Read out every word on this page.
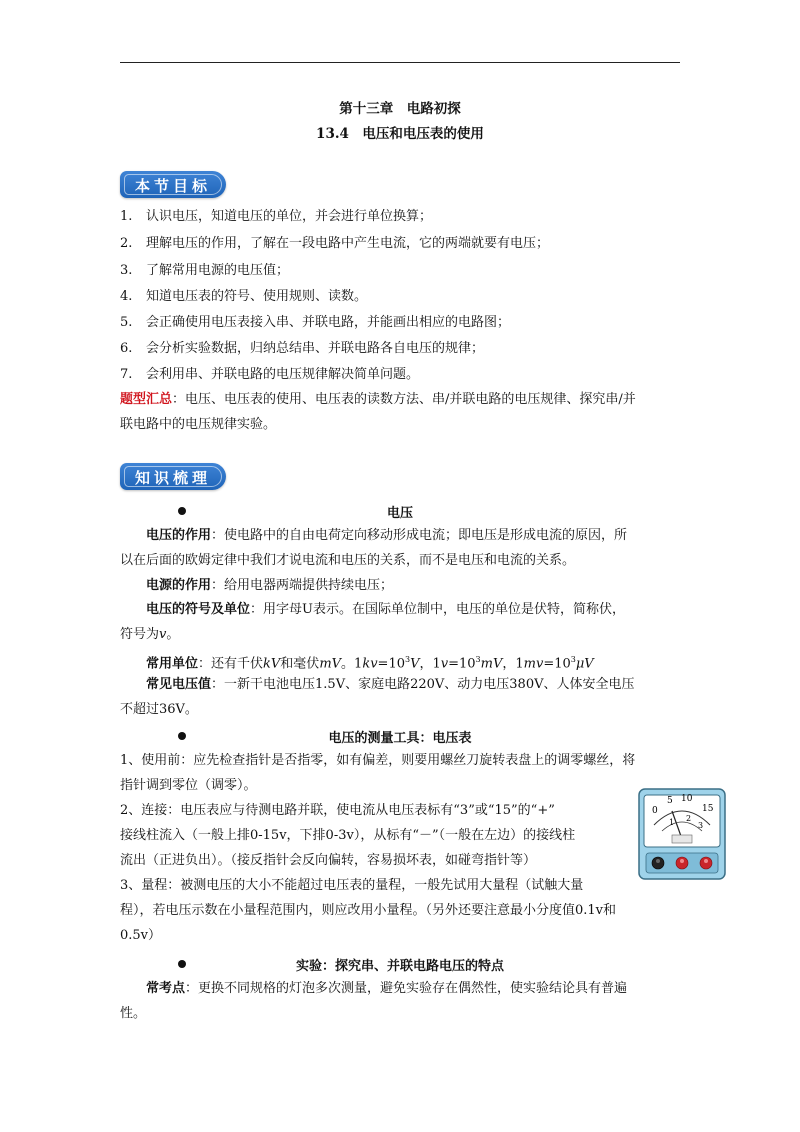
第十三章　电路初探
13.4　电压和电压表的使用
本节目标
1. 认识电压，知道电压的单位，并会进行单位换算；
2. 理解电压的作用，了解在一段电路中产生电流，它的两端就要有电压；
3. 了解常用电源的电压值；
4. 知道电压表的符号、使用规则、读数。
5. 会正确使用电压表接入串、并联电路，并能画出相应的电路图；
6. 会分析实验数据，归纳总结串、并联电路各自电压的规律；
7. 会利用串、并联电路的电压规律解决简单问题。
题型汇总：电压、电压表的使用、电压表的读数方法、串/并联电路的电压规律、探究串/并
联电路中的电压规律实验。
知识梳理
电压
电压的作用：使电路中的自由电荷定向移动形成电流；即电压是形成电流的原因，所
以在后面的欧姆定律中我们才说电流和电压的关系，而不是电压和电流的关系。
电源的作用：给用电器两端提供持续电压；
电压的符号及单位：用字母U表示。在国际单位制中，电压的单位是伏特，简称伏，
符号为v。
常用单位：还有千伏kV和毫伏mV。$1kv=10^3V$，$1v=10^3mV$，$1mv=10^3\mu V$
常见电压值：一新干电池电压1.5V、家庭电路220V、动力电压380V、人体安全电压
不超过36V。
电压的测量工具：电压表
1、使用前：应先检查指针是否指零，如有偏差，则要用螺丝刀旋转表盘上的调零螺丝，将
指针调到零位（调零）。
2、连接：电压表应与待测电路并联，使电流从电压表标有“3”或“15”的“+”
接线柱流入（一般上排0-15v，下排0-3v），从标有“－”（一般在左边）的接线柱
流出（正进负出）。（接反指针会反向偏转，容易损坏表，如碰弯指针等）
3、量程：被测电压的大小不能超过电压表的量程，一般先试用大量程（试触大量
程），若电压示数在小量程范围内，则应改用小量程。（另外还要注意最小分度值0.1v和
0.5v）
实验：探究串、并联电路电压的特点
常考点：更换不同规格的灯泡多次测量，避免实验存在偶然性，使实验结论具有普遍
性。
0
5 10
15
1 2
3
